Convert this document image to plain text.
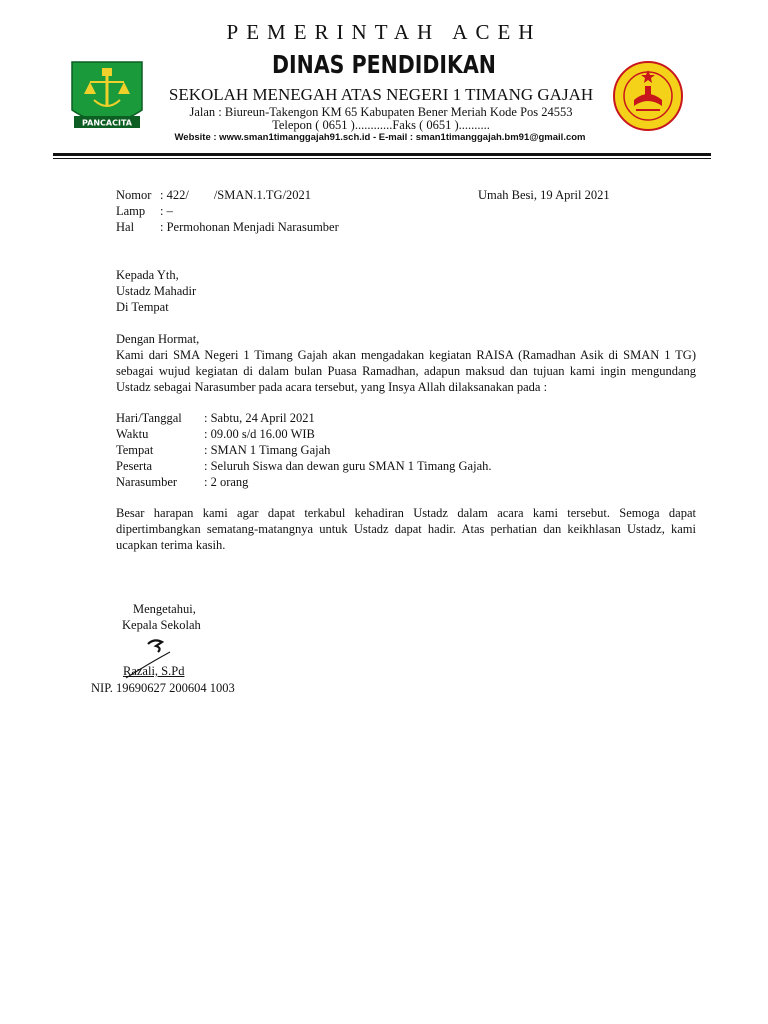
PEMERINTAH ACEH
DINAS PENDIDIKAN
PANCACITA
SEKOLAH MENEGAH ATAS NEGERI 1 TIMANG GAJAH
Jalan : Biureun-Takengon KM 65 Kabupaten Bener Meriah Kode Pos 24553
Telepon ( 0651 )............Faks ( 0651 )..........
Website : www.sman1timanggajah91.sch.id - E-mail : sman1timanggajah.bm91@gmail.com
Nomor : 422/        /SMAN.1.TG/2021	Umah Besi, 19 April 2021
Lamp : –
Hal : Permohonan Menjadi Narasumber
Kepada Yth,
Ustadz Mahadir
Di Tempat
Dengan Hormat,
Kami dari SMA Negeri 1 Timang Gajah akan mengadakan kegiatan RAISA (Ramadhan Asik di SMAN 1 TG) sebagai wujud kegiatan di dalam bulan Puasa Ramadhan, adapun maksud dan tujuan kami ingin mengundang Ustadz sebagai Narasumber pada acara tersebut, yang Insya Allah dilaksanakan pada :
Hari/Tanggal : Sabtu, 24 April 2021
Waktu	: 09.00 s/d 16.00 WIB
Tempat	: SMAN 1 Timang Gajah
Peserta	: Seluruh Siswa dan dewan guru SMAN 1 Timang Gajah.
Narasumber : 2 orang
Besar harapan kami agar dapat terkabul kehadiran Ustadz dalam acara kami tersebut. Semoga dapat dipertimbangkan sematang-matangnya untuk Ustadz dapat hadir. Atas perhatian dan keikhlasan Ustadz, kami ucapkan terima kasih.
Mengetahui,
Kepala Sekolah
Razali, S.Pd
NIP. 19690627 200604 1003
